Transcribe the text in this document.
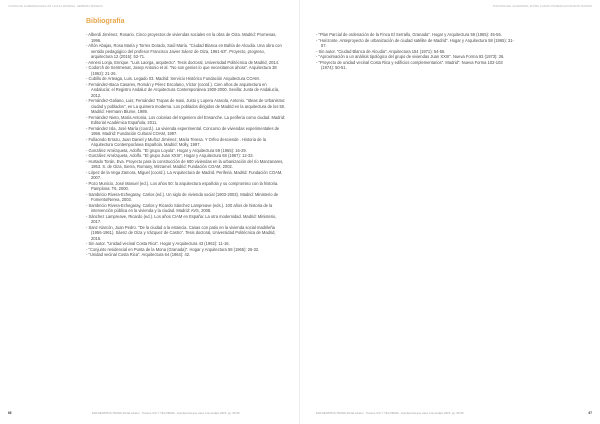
CIUDAD DE ALMENDRALES/LUIS LAGUIA MORENO, HERRERA MONEOU	PORTADA DEL ALMENDRAL ENTRE CIUDAD PRIMERA EXTENSIÓN MADRID
Bibliografía

- Alberdi Jiménez, Rosario. Cinco proyectos de viviendas sociales en la obra de Oiza. Madrid: Promesas, 1996.

- Añón Abajas, Rosa María y Torres Dorado, Saúl María. "Ciudad Blanca en Bahía de Alcudia. Una obra con sentido pedagógico del profesor Francisco Javier Sáenz de Oiza, 1961-63". Proyecto, progreso, arquitectura 12 (2015): 52-71.

- Annesi Lonja, Enrique. "Luis Laorga, arquitecto". Tesis doctoral, Universidad Politécnica de Madrid, 2014.

- Codorch de Sentmenat, Josep Antonio et al. "No son genios lo que necesitamos ahora". Arquitectura 38 (1962): 21-26.

- Cubillo de Arteaga, Luis. Legado 03. Madrid: Servicio Histórico Fundación Arquitectura COAM.

- Fernández-Baca Casares, Román y Pérez Escolano, Víctor (coord.). Cien años de arquitectura en Andalucía: el Registro Andaluz de Arquitectura Contemporánea 1900-2000. Sevilla: Junta de Andalucía, 2012.

- Fernández-Galiano, Luis; Fernández Tropas de Isasi, Justo y Lopera Arasola, Antonio. "Ideas de Urbanismo: ciudad y poblados", en La quimera moderna. Los poblados dirigidos de Madrid en la arquitectura de los 50. Madrid: Hermann Blume, 1989.

- Fernández Nieto, María Antonia. Los colonias del Ingeniero del Ensanche. La periferia como ciudad. Madrid: Editorial Académica Española, 2011.

- Fernández Isla, José María (coord.). La vivienda experimental. Concurso de viviendas experimentales de 1956. Madrid: Fundación Cultural COAM, 1997.

- Fullaondo Errazu, Juan Daniel y Muñoz Jiménez, María Teresa. Y Orfeo desciende . Historia de la Arquitectura Contemporánea Española. Madrid: Molly, 1997.

- González Amézqueta, Adolfo. "El grupo Loyola". Hogar y Arquitectura 59 (1965): 16-29.

- González Amézqueta, Adolfo. "El grupo Juan XXIII", Hogar y Arquitectura 68 (1967): 12-33.

- Hurtado Torán, Eva. Proyecto para la construcción de 600 viviendas en la urbanización del río Manzanares, 1953. S. de Oiza, Sierra, Romany, Mirzamel. Madrid: Fundación COAM, 2002.

- López de la Vega Zamora, Miguel (coord.). La Arquitectura de Madrid. Periferia. Madrid: Fundación COAM, 2007.

- Pozo Municio, José Manuel (ed.). Los años 50: la arquitectura española y su compromiso con la historia. Pamplona: T6, 2000.

- Sambricio Rivera-Echegaray, Carlos (ed.). Un siglo de vivienda social (1903-2003). Madrid: Ministerio de Fomento/Nerea, 2003.

- Sambricio Rivera-Echegaray, Carlos y Ricardo Sánchez Lampreave (eds.). 100 años de historia de la intervención pública en la vivienda y la ciudad. Madrid: AVS, 2008.

- Sánchez Lampreave, Ricardo (ed.). Los años CIAM en España: La otra modernidad. Madrid: Ministerio, 2017.

- Sanz Alarcón, Juan Pedro. "De la ciudad a la estancia. Casas con patio en la vivienda social madrileña (1956-1961). Sáenz de Oiza y Vázquez de Castro". Tesis doctoral, Universidad Politécnica de Madrid, 2015.

- Sin autor. "Unidad vecinal Costa Rica". Hogar y Arquitectura 43 (1962): 11-16.

- "Conjunto residencial en Punta de la Mona (Granada)". Hogar y Arquitectura 58 (1965): 26-32.

- "Unidad vecinal Costa Rica". Arquitectura 64 (1964): 42.

- "Plan Parcial de ordenación de la Finca El Serrallo, Granada". Hogar y Arquitectura 59 (1965): 45-56.

- "Horizonte. Anteproyecto de urbanización de ciudad satélite de Madrid". Hogar y Arquitectura 58 (1965): 31-57.

- Sin autor. "Ciudad Blanca de Alcudia". Arquitectura 154 (1971): 54-55.

- "Aproximación a un análisis tipológico del grupo de viviendas Juan XXIII". Nueva Forma 93 (1973): 36.

- "Proyecto de unidad vecinal Costa Rica y edificios complementarios". Madrid". Nueva Forma 102-103 (1974): 50-51.

66	ENCUENTROS TRANS-Portal urbano - Tutores CIU Y TE FORMA - Arquitectura que nace a la ciudad, 2021. pp. 65-66	ENCUENTROS TRANS-Portal urbano - Tutores CIU Y TE FORMA - Arquitectura que nace a la ciudad, 2021. pp. 65-66	67
